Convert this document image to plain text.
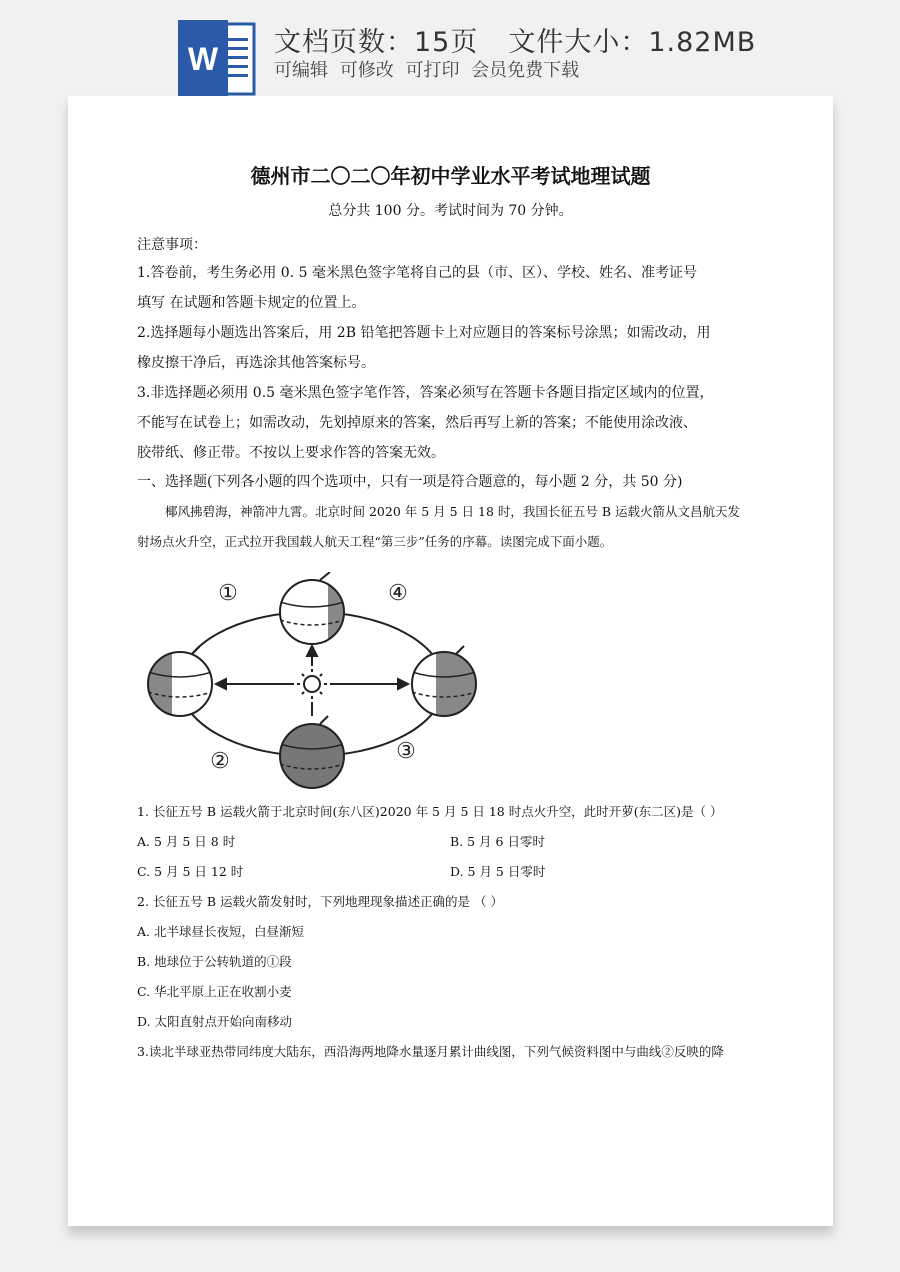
W 文档页数：15页 文件大小：1.82MB
可编辑 可修改 可打印 会员免费下载
德州市二〇二〇年初中学业水平考试地理试题
总分共 100 分。考试时间为 70 分钟。
注意事项：
1.答卷前，考生务必用 0. 5 毫米黑色签字笔将自己的县（市、区）、学校、姓名、准考证号
填写 在试题和答题卡规定的位置上。
2.选择题每小题选出答案后，用 2B 铅笔把答题卡上对应题目的答案标号涂黑；如需改动，用
橡皮擦干净后，再选涂其他答案标号。
3.非选择题必须用 0.5 毫米黑色签字笔作答，答案必须写在答题卡各题目指定区域内的位置，
不能写在试卷上；如需改动，先划掉原来的答案，然后再写上新的答案；不能使用涂改液、
胶带纸、修正带。不按以上要求作答的答案无效。
一、选择题(下列各小题的四个选项中，只有一项是符合题意的，每小题 2 分，共 50 分)
椰风拂碧海，神箭冲九霄。北京时间 2020 年 5 月 5 日 18 时，我国长征五号 B 运载火箭从文昌航天发
射场点火升空，正式拉开我国载人航天工程“第三步”任务的序幕。读图完成下面小题。
①
②	③
④
1. 长征五号 B 运载火箭于北京时间(东八区)2020 年 5 月 5 日 18 时点火升空，此时开萝(东二区)是（ ）
A. 5 月 5 日 8 时	B. 5 月 6 日零时
C. 5 月 5 日 12 时	D. 5 月 5 日零时
2. 长征五号 B 运载火箭发射时，下列地理现象描述正确的是 （ ）
A. 北半球昼长夜短，白昼渐短
B. 地球位于公转轨道的①段
C. 华北平原上正在收割小麦
D. 太阳直射点开始向南移动
3.读北半球亚热带同纬度大陆东，西沿海两地降水量逐月累计曲线图，下列气候资料图中与曲线②反映的降
